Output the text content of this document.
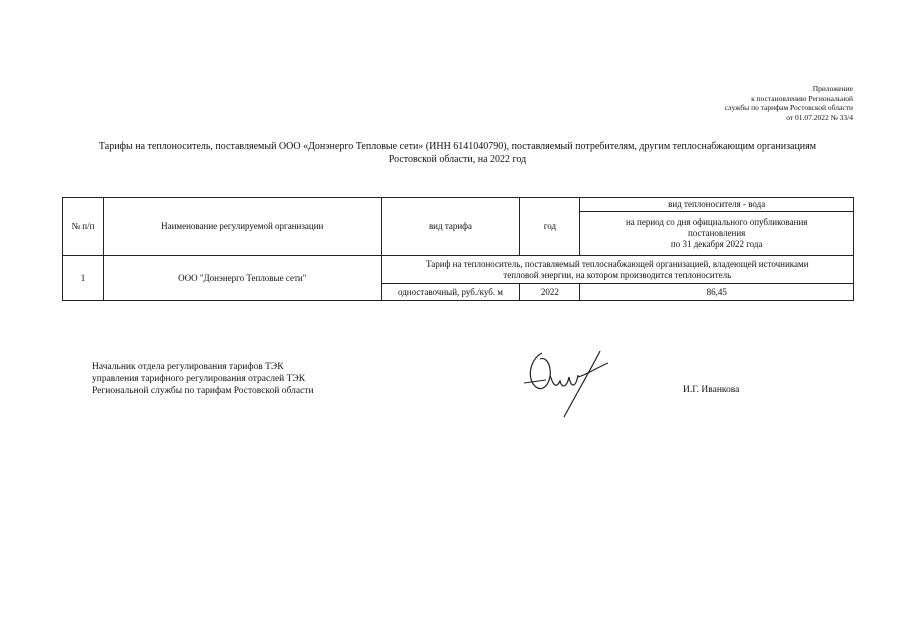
Приложение
к постановлению Региональной
службы по тарифам Ростовской области
от 01.07.2022 № 33/4
Тарифы на теплоноситель, поставляемый ООО «Донэнерго Тепловые сети» (ИНН 6141040790), поставляемый потребителям, другим теплоснабжающим организациям
Ростовской области, на 2022 год
№ п/п	Наименование регулируемой организации	вид тарифа	год	вид теплоносителя - вода

				на период со дня официального опубликования
постановления
по 31 декабря 2022 года

1	ООО "Донэнерго Тепловые сети"	Тариф на теплоноситель, поставляемый теплоснабжающей организацией, владеющей источниками
тепловой энергии, на котором производится теплоноситель		

		одноставочный, руб./куб. м	2022	86,45
Начальник отдела регулирования тарифов ТЭК
управления тарифного регулирования отраслей ТЭК
Региональной службы по тарифам Ростовской области	И.Г. Иванкова
